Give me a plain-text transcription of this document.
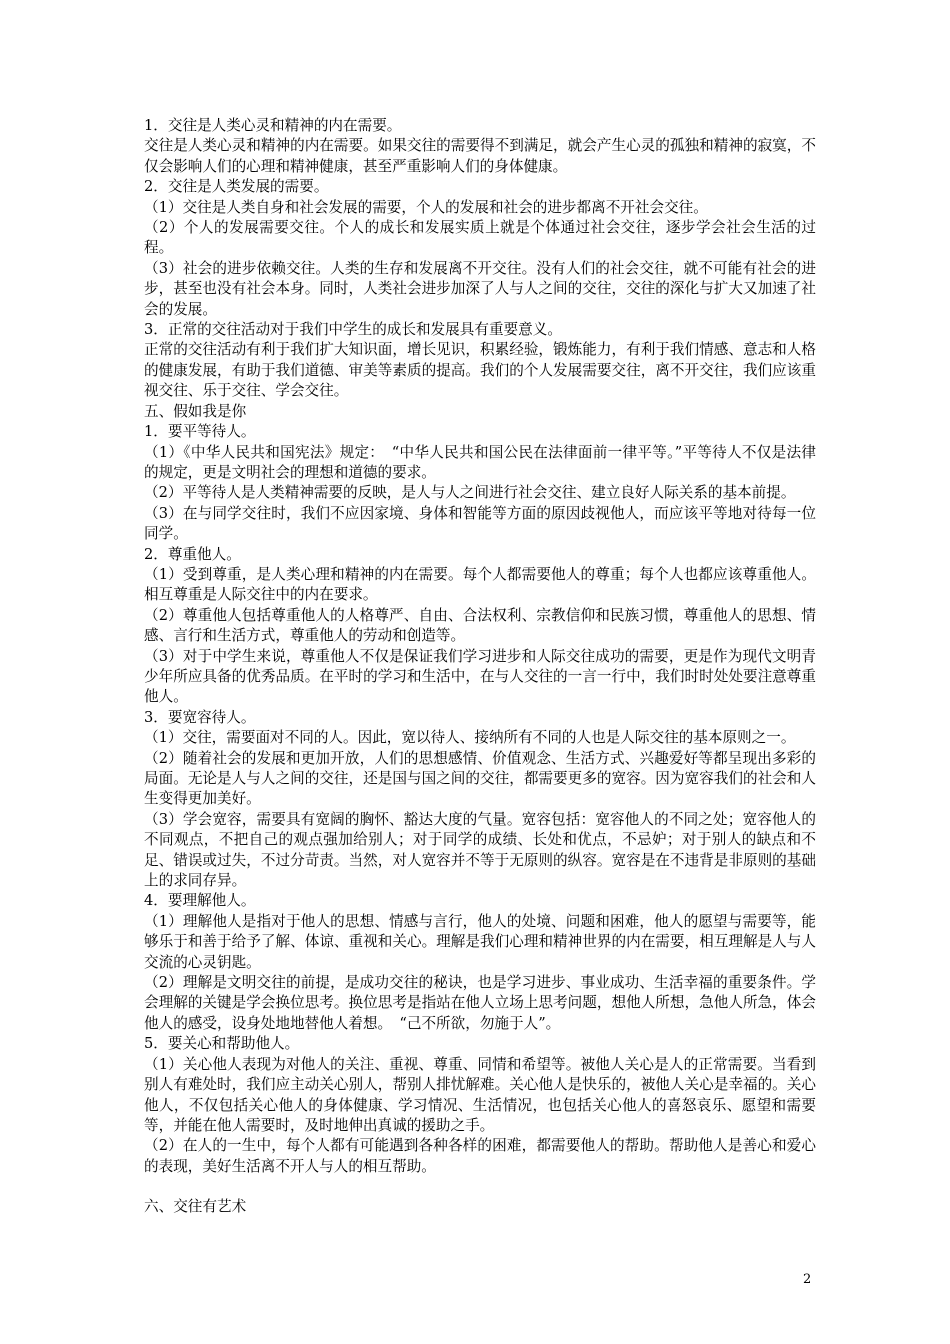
1．交往是人类心灵和精神的内在需要。

交往是人类心灵和精神的内在需要。如果交往的需要得不到满足，就会产生心灵的孤独和精神的寂寞，不仅会影响人们的心理和精神健康，甚至严重影响人们的身体健康。

2．交往是人类发展的需要。

（1）交往是人类自身和社会发展的需要，个人的发展和社会的进步都离不开社会交往。

（2）个人的发展需要交往。个人的成长和发展实质上就是个体通过社会交往，逐步学会社会生活的过程。

（3）社会的进步依赖交往。人类的生存和发展离不开交往。没有人们的社会交往，就不可能有社会的进步，甚至也没有社会本身。同时，人类社会进步加深了人与人之间的交往，交往的深化与扩大又加速了社会的发展。

3．正常的交往活动对于我们中学生的成长和发展具有重要意义。

正常的交往活动有利于我们扩大知识面，增长见识，积累经验，锻炼能力，有利于我们情感、意志和人格的健康发展，有助于我们道德、审美等素质的提高。我们的个人发展需要交往，离不开交往，我们应该重视交往、乐于交往、学会交往。

五、假如我是你

1．要平等待人。

（1）《中华人民共和国宪法》规定：　“中华人民共和国公民在法律面前一律平等。”平等待人不仅是法律的规定，更是文明社会的理想和道德的要求。

（2）平等待人是人类精神需要的反映，是人与人之间进行社会交往、建立良好人际关系的基本前提。

（3）在与同学交往时，我们不应因家境、身体和智能等方面的原因歧视他人，而应该平等地对待每一位同学。

2．尊重他人。

（1）受到尊重，是人类心理和精神的内在需要。每个人都需要他人的尊重；每个人也都应该尊重他人。相互尊重是人际交往中的内在要求。

（2）尊重他人包括尊重他人的人格尊严、自由、合法权利、宗教信仰和民族习惯，尊重他人的思想、情感、言行和生活方式，尊重他人的劳动和创造等。

（3）对于中学生来说，尊重他人不仅是保证我们学习进步和人际交往成功的需要，更是作为现代文明青少年所应具备的优秀品质。在平时的学习和生活中，在与人交往的一言一行中，我们时时处处要注意尊重他人。

3．要宽容待人。

（1）交往，需要面对不同的人。因此，宽以待人、接纳所有不同的人也是人际交往的基本原则之一。

（2）随着社会的发展和更加开放，人们的思想感情、价值观念、生活方式、兴趣爱好等都呈现出多彩的局面。无论是人与人之间的交往，还是国与国之间的交往，都需要更多的宽容。因为宽容我们的社会和人生变得更加美好。

（3）学会宽容，需要具有宽阔的胸怀、豁达大度的气量。宽容包括：宽容他人的不同之处；宽容他人的不同观点，不把自己的观点强加给别人；对于同学的成绩、长处和优点，不忌妒；对于别人的缺点和不足、错误或过失，不过分苛责。当然，对人宽容并不等于无原则的纵容。宽容是在不违背是非原则的基础上的求同存异。

4．要理解他人。

（1）理解他人是指对于他人的思想、情感与言行，他人的处境、问题和困难，他人的愿望与需要等，能够乐于和善于给予了解、体谅、重视和关心。理解是我们心理和精神世界的内在需要，相互理解是人与人交流的心灵钥匙。

（2）理解是文明交往的前提，是成功交往的秘诀，也是学习进步、事业成功、生活幸福的重要条件。学会理解的关键是学会换位思考。换位思考是指站在他人立场上思考问题，想他人所想，急他人所急，体会他人的感受，设身处地地替他人着想。　“己不所欲，勿施于人”。

5．要关心和帮助他人。

（1）关心他人表现为对他人的关注、重视、尊重、同情和希望等。被他人关心是人的正常需要。当看到别人有难处时，我们应主动关心别人，帮别人排忧解难。关心他人是快乐的，被他人关心是幸福的。关心他人，不仅包括关心他人的身体健康、学习情况、生活情况，也包括关心他人的喜怒哀乐、愿望和需要等，并能在他人需要时，及时地伸出真诚的援助之手。

（2）在人的一生中，每个人都有可能遇到各种各样的困难，都需要他人的帮助。帮助他人是善心和爱心的表现，美好生活离不开人与人的相互帮助。

六、交往有艺术

2
